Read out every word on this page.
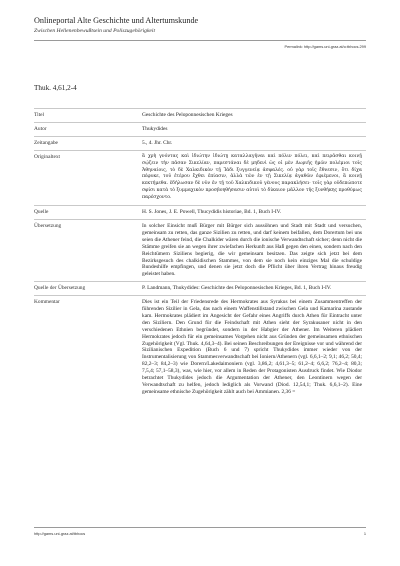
Onlineportal Alte Geschichte und Altertumskunde
Zwischen Hellenenbewußtsein und Poliszugehörigkeit
Permalink: http://gams.uni-graz.at/o:tbhocs.299
Thuk. 4,61,2-4
Titel	Geschichte des Peloponnesischen Krieges
Autor	Thukydides
Zeitangabe	5., 4. Jhr. Chr.
Originaltext	ἃ χρὴ γνόντας καὶ ἰδιώτην ἰδιώτῃ καταλλαγῆναι καὶ πόλιν πόλει, καὶ πειρᾶσθαι κοινῇ σῴζειν τὴν πᾶσαν Σικελίαν, παρεστάναι δὲ μηδενὶ ὡς οἱ μὲν Δωριῆς ἡμῶν πολέμιοι τοῖς Ἀθηναίοις, τὸ δὲ Χαλκιδικὸν τῇ Ἰάδι ξυγγενείᾳ ἀσφαλές. οὐ γὰρ τοῖς ἔθνεσιν, ὅτι δίχα πέφυκε, τοῦ ἑτέρου ἔχθει ἐπίασιν, ἀλλὰ τῶν ἐν τῇ Σικελίᾳ ἀγαθῶν ἐφιέμενοι, ἃ κοινῇ κεκτήμεθα. ἐδήλωσαν δὲ νῦν ἐν τῇ τοῦ Χαλκιδικοῦ γένους παρακλήσει· τοῖς γὰρ οὐδεπώποτε σφίσι κατὰ τὸ ξυμμαχικὸν προσβοηθήσασιν αὐτοὶ τὸ δίκαιον μᾶλλον τῆς ξυνθήκης προθύμως παρέσχοντο.
Quelle	H. S. Jones, J. E. Powell, Thucydidis historiae, Bd. 1, Buch I-IV.
Übersetzung	In solcher Einsicht muß Bürger mit Bürger sich aussöhnen und Stadt mit Stadt und versuchen, gemeinsam zu retten, das ganze Sizilien zu retten, und darf keinem beifallen, dem Dorertum bei uns seien die Athener feind, die Chalkider wären durch die ionische Verwandtschaft sicher; denn nicht die Stämme greifen sie an wegen ihrer zwiefachen Herkunft aus Haß gegen den einen, sondern nach den Reichtümern Siziliens begierig, die wir gemeinsam besitzen. Das zeigte sich jetzt bei dem Bezirksgesuch des chalkidischen Stammes, von dem sie noch kein einziges Mal die schuldige Bundeshilfe empfingen, und denen sie jetzt doch die Pflicht über ihren Vertrag hinaus freudig geleistet haben.
Quelle der Übersetzung	P. Landmann, Thukydides: Geschichte des Peloponnesischen Krieges, Bd. 1, Buch I-IV.
Kommentar	Dies ist ein Teil der Friedensrede des Hermokrates aus Syrakus bei einem Zusammentreffen der führenden Sizilier in Gela, das nach einem Waffenstillstand zwischen Gela und Kamarina zustande kam. Hermokrates plädiert im Angesicht der Gefahr eines Angriffs durch Athen für Eintracht unter den Siziliern. Den Grund für die Feindschaft mit Athen sieht der Syrakusaner nicht in den verschiedenen Ethnien begründet, sondern in der Habgier der Athener. Im Weiteren plädiert Hermokrates jedoch für ein gemeinsames Vorgehen nicht aus Gründen der gemeinsamen ethnischen Zugehörigkeit (Vgl. Thuk. 4,64,3–4). Bei seinen Beschreibungen der Ereignisse vor und während der Sizilianischen Expedition (Buch 6 und 7) spricht Thukydides immer wieder von der Instrumentalisierung von Stammesverwandtschaft bei Ioniern/Athenern (vgl. 6,6,1–2; 9,1; 46,2; 50,4; 82,2–3; 84,2–3) wie Dorern/Lakedaimoniern (vgl. 3,86,2; 4,61,3–5; 61,2–4; 6,6,2; 76,2–4; 80,3; 7,5,4; 57,1–58,3), was, wie hier, vor allem in Reden der Protagonisten Ausdruck findet. Wie Diodor betrachtet Thukydides jedoch die Argumentation der Athener, den Leontinern wegen der Verwandtschaft zu helfen, jedoch lediglich als Vorwand (Diod. 12,54,1; Thuk. 6,6,1–2). Eine gemeinsame ethnische Zugehörigkeit zählt auch bei Ammianen. 2,36 =
http://gams.uni-graz.at/tbhocs	1
